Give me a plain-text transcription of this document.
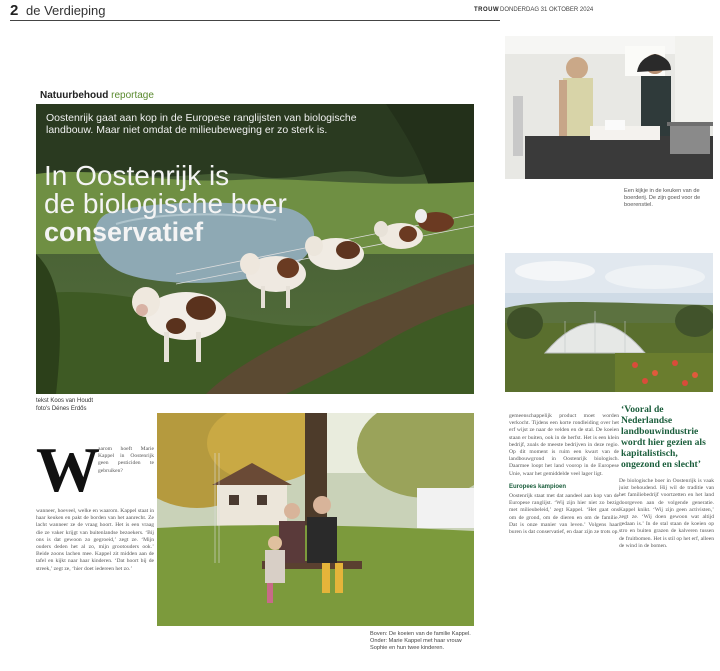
2 de Verdieping	TROUW DONDERDAG 31 OKTOBER 2024
Natuurbehoud reportage
Oostenrijk gaat aan kop in de Europese ranglijsten van biologische landbouw. Maar niet omdat de milieubeweging er zo sterk is.
In Oostenrijk is
de biologische boer
conservatief
tekst Koos van Houdt
foto's Dénes Erdős
W
aarom hoeft Marie Kappel in Oostenrijk geen pesticiden te gebruiken?
wanneer, hoeveel, welke en waarom. Kappel staat in haar keuken en pakt de borden van het aanrecht. Ze lacht wanneer ze de vraag hoort. Het is een vraag die ze vaker krijgt van buitenlandse bezoekers. ‘Bij ons is dat gewoon zo gegroeid,’ zegt ze. ‘Mijn ouders deden het al zo, mijn grootouders ook.’ Beide zoons lachen mee. Kappel zit midden aan de tafel en kijkt naar haar kinderen. ‘Dat hoort bij de streek,’ zegt ze, ‘hier doet iedereen het zo.’
gemeenschappelijk product moet worden verkocht. Tijdens een korte rondleiding over het erf wijst ze naar de velden en de stal. De koeien staan er buiten, ook in de herfst. Het is een klein bedrijf, zoals de meeste bedrijven in deze regio. Op dit moment is ruim een kwart van de landbouwgrond in Oostenrijk biologisch. Daarmee loopt het land voorop in de Europese Unie, waar het gemiddelde veel lager ligt.
Europees kampioen
Oostenrijk staat met dat aandeel aan kop van de Europese ranglijst. ‘Wij zijn hier niet zo bezig met milieubeleid,’ zegt Kappel. ‘Het gaat ons om de grond, om de dieren en om de familie. Dat is onze manier van leven.’ Volgens haar buren is dat conservatief, en daar zijn ze trots op.
De biologische boer in Oostenrijk is vaak juist behoudend. Hij wil de traditie van het familiebedrijf voortzetten en het land doorgeven aan de volgende generatie. Kappel knikt. ‘Wij zijn geen activisten,’ zegt ze. ‘Wij doen gewoon wat altijd gedaan is.’ In de stal staan de koeien op stro en buiten grazen de kalveren tussen de fruitbomen. Het is stil op het erf, alleen de wind in de bomen.
Boven: De koeien van de familie Kappel. Onder: Marie Kappel met haar vrouw Sophie en hun twee kinderen.
Een kijkje in de keuken van de boerderij. De zijn goed voor de boerenstiel.
‘Vooral de Nederlandse landbouwindustrie wordt hier gezien als kapitalistisch, ongezond en slecht’
